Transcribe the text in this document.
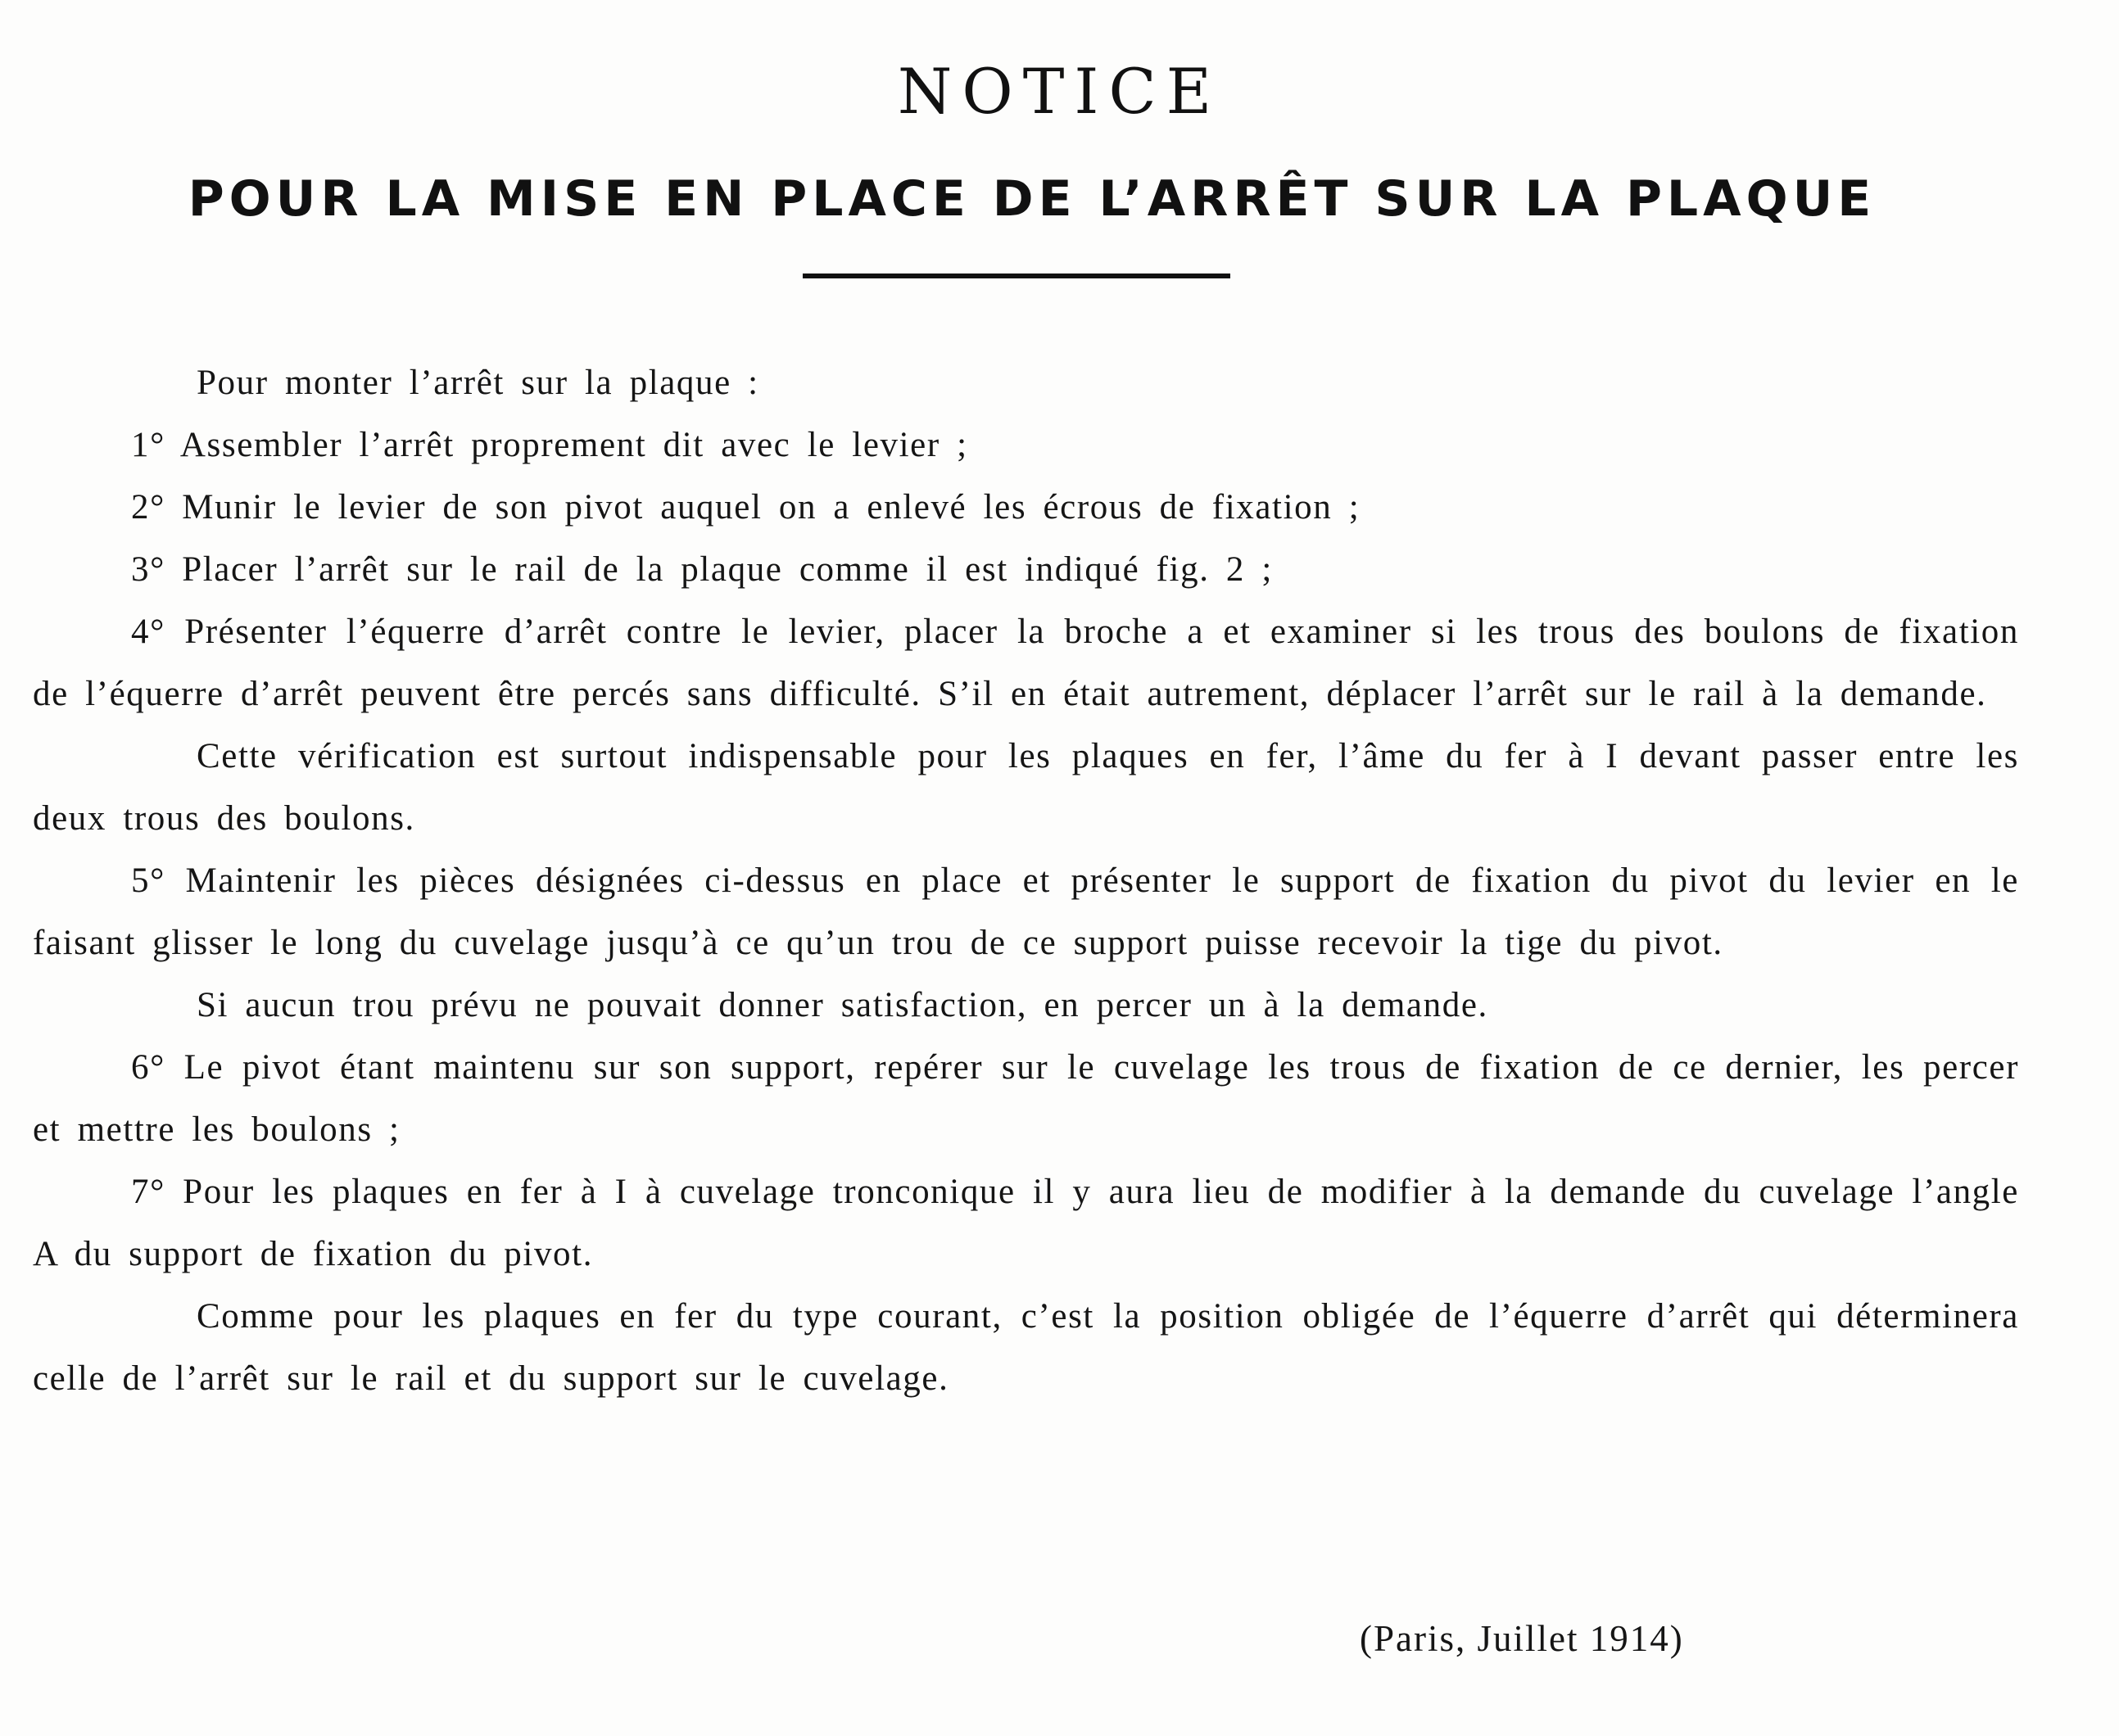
NOTICE
POUR LA MISE EN PLACE DE L’ARRÊT SUR LA PLAQUE

Pour monter l’arrêt sur la plaque :

1° Assembler l’arrêt proprement dit avec le levier ;

2° Munir le levier de son pivot auquel on a enlevé les écrous de fixation ;

3° Placer l’arrêt sur le rail de la plaque comme il est indiqué fig. 2 ;

4° Présenter l’équerre d’arrêt contre le levier, placer la broche a et examiner si les trous des boulons de fixation de l’équerre d’arrêt peuvent être percés sans difficulté. S’il en était autrement, déplacer l’arrêt sur le rail à la demande.

Cette vérification est surtout indispensable pour les plaques en fer, l’âme du fer à I devant passer entre les deux trous des boulons.

5° Maintenir les pièces désignées ci-dessus en place et présenter le support de fixation du pivot du levier en le faisant glisser le long du cuvelage jusqu’à ce qu’un trou de ce support puisse recevoir la tige du pivot.

Si aucun trou prévu ne pouvait donner satisfaction, en percer un à la demande.

6° Le pivot étant maintenu sur son support, repérer sur le cuvelage les trous de fixation de ce dernier, les percer et mettre les boulons ;

7° Pour les plaques en fer à I à cuvelage tronconique il y aura lieu de modifier à la demande du cuvelage l’angle A du support de fixation du pivot.

Comme pour les plaques en fer du type courant, c’est la position obligée de l’équerre d’arrêt qui déterminera celle de l’arrêt sur le rail et du support sur le cuvelage.

(Paris, Juillet 1914)
